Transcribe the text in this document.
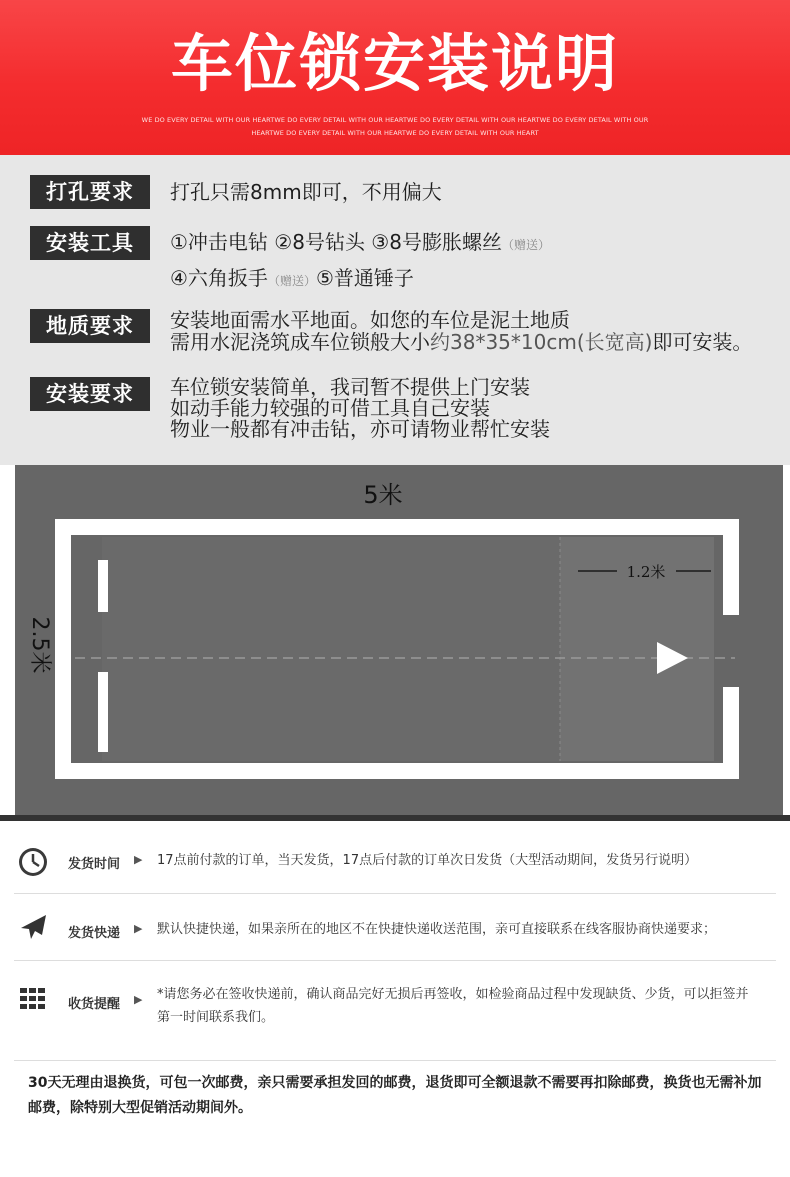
车位锁安装说明
WE DO EVERY DETAIL WITH OUR HEARTWE DO EVERY DETAIL WITH OUR HEARTWE DO EVERY DETAIL WITH OUR HEARTWE DO EVERY DETAIL WITH OUR HEARTWE DO EVERY DETAIL WITH OUR HEARTWE DO EVERY DETAIL WITH OUR HEART
打孔要求	打孔只需8mm即可，不用偏大
安装工具	①冲击电钻 ②8号钻头 ③8号膨胀螺丝（赠送）
④六角扳手（赠送）⑤普通锤子
地质要求	安装地面需水平地面。如您的车位是泥土地质
需用水泥浇筑成车位锁般大小约38*35*10cm(长宽高)即可安装。
安装要求	车位锁安装简单，我司暂不提供上门安装
如动手能力较强的可借工具自己安装
物业一般都有冲击钻，亦可请物业帮忙安装
5米
1.2米
2.5米
发货时间 ▶ 17点前付款的订单，当天发货，17点后付款的订单次日发货（大型活动期间，发货另行说明）
发货快递 ▶ 默认快捷快递，如果亲所在的地区不在快捷快递收送范围，亲可直接联系在线客服协商快递要求；
收货提醒 ▶ *请您务必在签收快递前，确认商品完好无损后再签收，如检验商品过程中发现缺货、少货，可以拒签并第一时间联系我们。
30天无理由退换货，可包一次邮费，亲只需要承担发回的邮费，退货即可全额退款不需要再扣除邮费，换货也无需补加邮费，除特别大型促销活动期间外。
